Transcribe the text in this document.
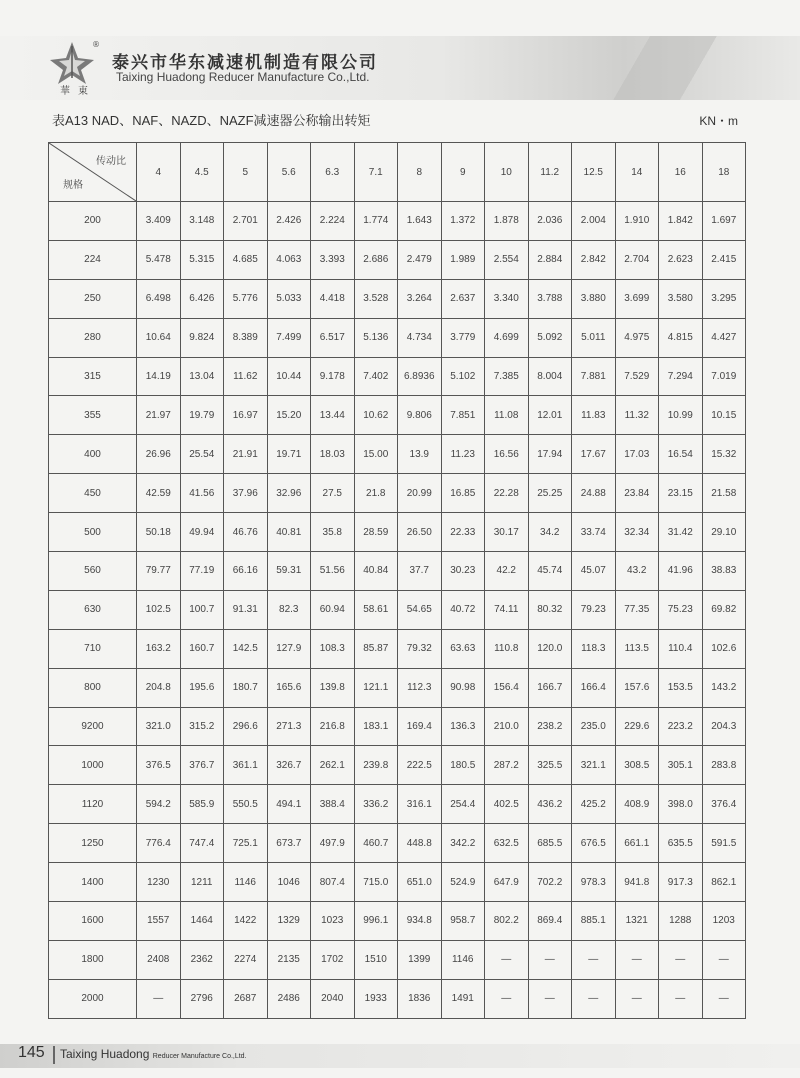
®
華東
泰兴市华东减速机制造有限公司
Taixing Huadong Reducer Manufacture Co.,Ltd.
表A13 NAD、NAF、NAZD、NAZF减速器公称输出转矩	KN・m
传动比
规格	4	4.5	5	5.6	6.3	7.1	8	9	10	11.2	12.5	14	16	18
200	3.409	3.148	2.701	2.426	2.224	1.774	1.643	1.372	1.878	2.036	2.004	1.910	1.842	1.697
224	5.478	5.315	4.685	4.063	3.393	2.686	2.479	1.989	2.554	2.884	2.842	2.704	2.623	2.415
250	6.498	6.426	5.776	5.033	4.418	3.528	3.264	2.637	3.340	3.788	3.880	3.699	3.580	3.295
280	10.64	9.824	8.389	7.499	6.517	5.136	4.734	3.779	4.699	5.092	5.011	4.975	4.815	4.427
315	14.19	13.04	11.62	10.44	9.178	7.402	6.8936	5.102	7.385	8.004	7.881	7.529	7.294	7.019
355	21.97	19.79	16.97	15.20	13.44	10.62	9.806	7.851	11.08	12.01	11.83	11.32	10.99	10.15
400	26.96	25.54	21.91	19.71	18.03	15.00	13.9	11.23	16.56	17.94	17.67	17.03	16.54	15.32
450	42.59	41.56	37.96	32.96	27.5	21.8	20.99	16.85	22.28	25.25	24.88	23.84	23.15	21.58
500	50.18	49.94	46.76	40.81	35.8	28.59	26.50	22.33	30.17	34.2	33.74	32.34	31.42	29.10
560	79.77	77.19	66.16	59.31	51.56	40.84	37.7	30.23	42.2	45.74	45.07	43.2	41.96	38.83
630	102.5	100.7	91.31	82.3	60.94	58.61	54.65	40.72	74.11	80.32	79.23	77.35	75.23	69.82
710	163.2	160.7	142.5	127.9	108.3	85.87	79.32	63.63	110.8	120.0	118.3	113.5	110.4	102.6
800	204.8	195.6	180.7	165.6	139.8	121.1	112.3	90.98	156.4	166.7	166.4	157.6	153.5	143.2
9200	321.0	315.2	296.6	271.3	216.8	183.1	169.4	136.3	210.0	238.2	235.0	229.6	223.2	204.3
1000	376.5	376.7	361.1	326.7	262.1	239.8	222.5	180.5	287.2	325.5	321.1	308.5	305.1	283.8
1120	594.2	585.9	550.5	494.1	388.4	336.2	316.1	254.4	402.5	436.2	425.2	408.9	398.0	376.4
1250	776.4	747.4	725.1	673.7	497.9	460.7	448.8	342.2	632.5	685.5	676.5	661.1	635.5	591.5
1400	1230	1211	1146	1046	807.4	715.0	651.0	524.9	647.9	702.2	978.3	941.8	917.3	862.1
1600	1557	1464	1422	1329	1023	996.1	934.8	958.7	802.2	869.4	885.1	1321	1288	1203
1800	2408	2362	2274	2135	1702	1510	1399	1146	—	—	—	—	—	—
2000	—	2796	2687	2486	2040	1933	1836	1491	—	—	—	—	—	—
145 Taixing Huadong Reducer Manufacture Co.,Ltd.
